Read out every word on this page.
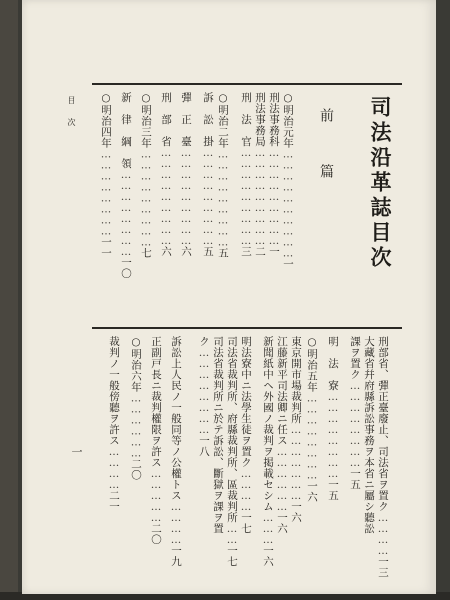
司法沿革誌目次
前　篇
目　次
一
○明治元年…………………………一
刑法事務科………………………一
刑法事務局………………………二
刑　法　官………………………三
○明治二年………………………五
訴　訟　掛………………………五
彈　正　臺………………………六
刑　部　省………………………六
○明治三年………………………七
新　律　綱　領……………………一〇
○明治四年……………………一一
刑部省、彈正臺廢止、司法省ヲ置ク…………一三
大藏省幷府縣訴訟事務ヲ本省ニ屬シ聽訟
課ヲ置ク……………………一五
明　法　寮……………………一五
○明治五年……………………一六
東京開市場裁判所…………………一六
江藤新平司法卿ニ任ス………………一六
新聞紙中ヘ外國ノ裁判ヲ掲載セシム………一六
明法寮中ニ法學生徒ヲ置ク…………一七
司法省裁判所、府縣裁判所、區裁判所……一七
司法省裁判所ニ於テ訴訟、斷獄ヲ課ヲ置
ク……………………一八
訴訟上人民ノ一般同等ノ公權トス…………一九
正副戸長ニ裁判權限ヲ許ス……………二〇
○明治六年………………二〇
裁判ノ一般傍聽ヲ許ス…………二一
